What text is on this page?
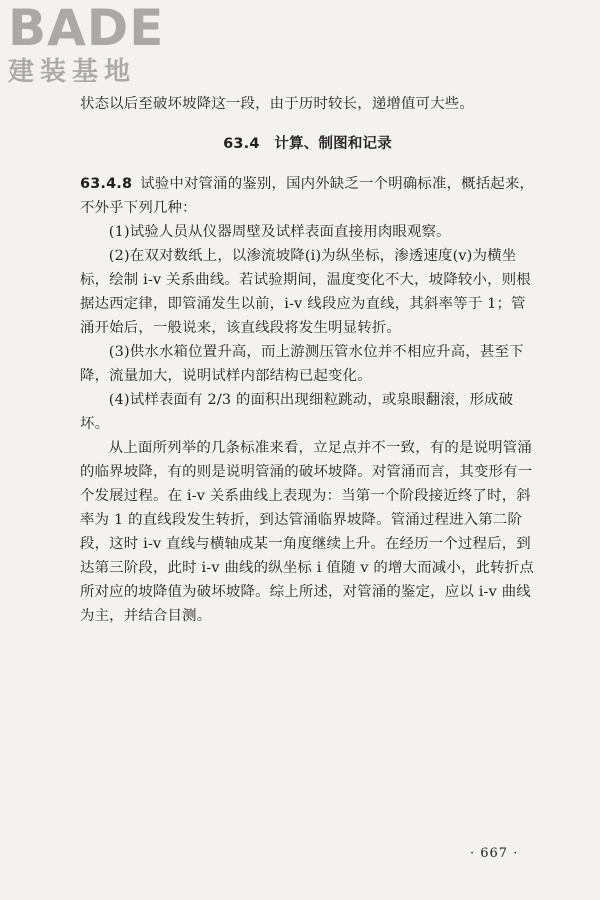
BADE
建装基地

状态以后至破坏坡降这一段，由于历时较长，递增值可大些。

63.4　计算、制图和记录

63.4.8 试验中对管涌的鉴别，国内外缺乏一个明确标准，概括起来，不外乎下列几种：

(1)试验人员从仪器周壁及试样表面直接用肉眼观察。

(2)在双对数纸上，以渗流坡降(i)为纵坐标，渗透速度(v)为横坐标，绘制 i-v 关系曲线。若试验期间，温度变化不大，坡降较小，则根据达西定律，即管涌发生以前，i-v 线段应为直线，其斜率等于 1；管涌开始后，一般说来，该直线段将发生明显转折。

(3)供水水箱位置升高，而上游测压管水位并不相应升高，甚至下降，流量加大，说明试样内部结构已起变化。

(4)试样表面有 2/3 的面积出现细粒跳动，或泉眼翻滚，形成破坏。

从上面所列举的几条标准来看，立足点并不一致，有的是说明管涌的临界坡降，有的则是说明管涌的破坏坡降。对管涌而言，其变形有一个发展过程。在 i-v 关系曲线上表现为：当第一个阶段接近终了时，斜率为 1 的直线段发生转折，到达管涌临界坡降。管涌过程进入第二阶段，这时 i-v 直线与横轴成某一角度继续上升。在经历一个过程后，到达第三阶段，此时 i-v 曲线的纵坐标 i 值随 v 的增大而减小，此转折点所对应的坡降值为破坏坡降。综上所述，对管涌的鉴定，应以 i-v 曲线为主，并结合目测。

· 667 ·
